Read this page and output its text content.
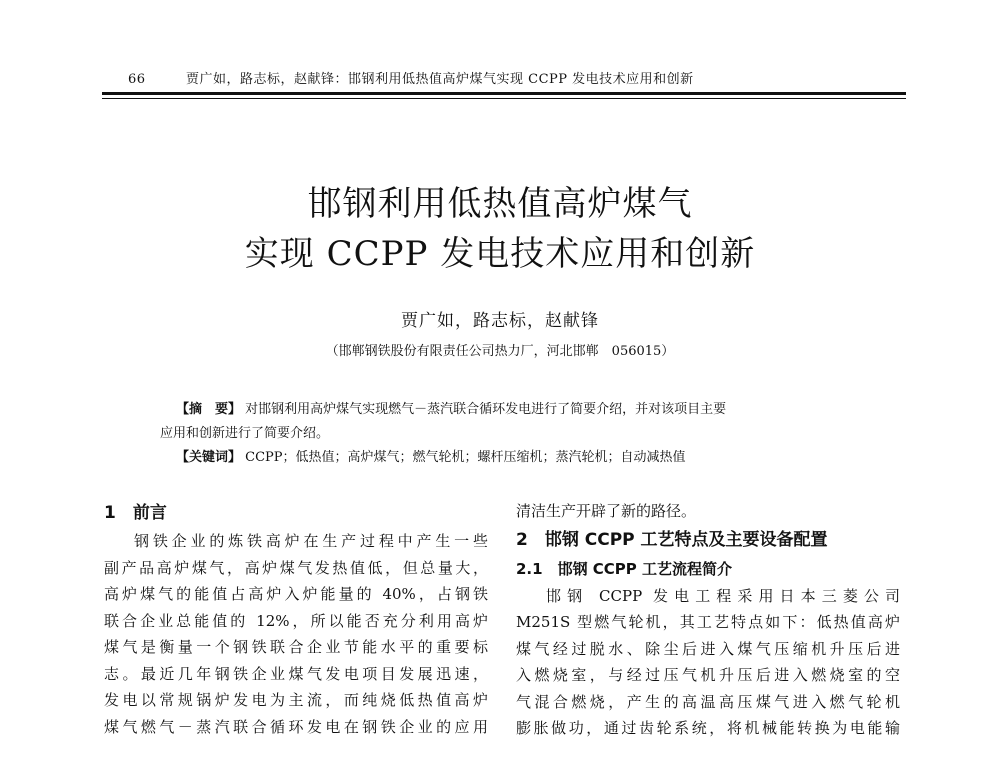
66	贾广如，路志标，赵献锋：邯钢利用低热值高炉煤气实现 CCPP 发电技术应用和创新
邯钢利用低热值高炉煤气
实现 CCPP 发电技术应用和创新
贾广如，路志标，赵献锋
（邯郸钢铁股份有限责任公司热力厂，河北邯郸　056015）
【摘　要】 对邯钢利用高炉煤气实现燃气－蒸汽联合循环发电进行了简要介绍，并对该项目主要
应用和创新进行了简要介绍。
【关键词】 CCPP；低热值；高炉煤气；燃气轮机；螺杆压缩机；蒸汽轮机；自动减热值
1　前言

钢铁企业的炼铁高炉在生产过程中产生一些

副产品高炉煤气，高炉煤气发热值低，但总量大，

高炉煤气的能值占高炉入炉能量的 40%，占钢铁

联合企业总能值的 12%，所以能否充分利用高炉

煤气是衡量一个钢铁联合企业节能水平的重要标

志。最近几年钢铁企业煤气发电项目发展迅速，

发电以常规锅炉发电为主流，而纯烧低热值高炉

煤气燃气－蒸汽联合循环发电在钢铁企业的应用

清洁生产开辟了新的路径。

2　邯钢 CCPP 工艺特点及主要设备配置
2.1　邯钢 CCPP 工艺流程简介

邯钢 CCPP 发电工程采用日本三菱公司

M251S 型燃气轮机，其工艺特点如下：低热值高炉

煤气经过脱水、除尘后进入煤气压缩机升压后进

入燃烧室，与经过压气机升压后进入燃烧室的空

气混合燃烧，产生的高温高压煤气进入燃气轮机

膨胀做功，通过齿轮系统，将机械能转换为电能输
